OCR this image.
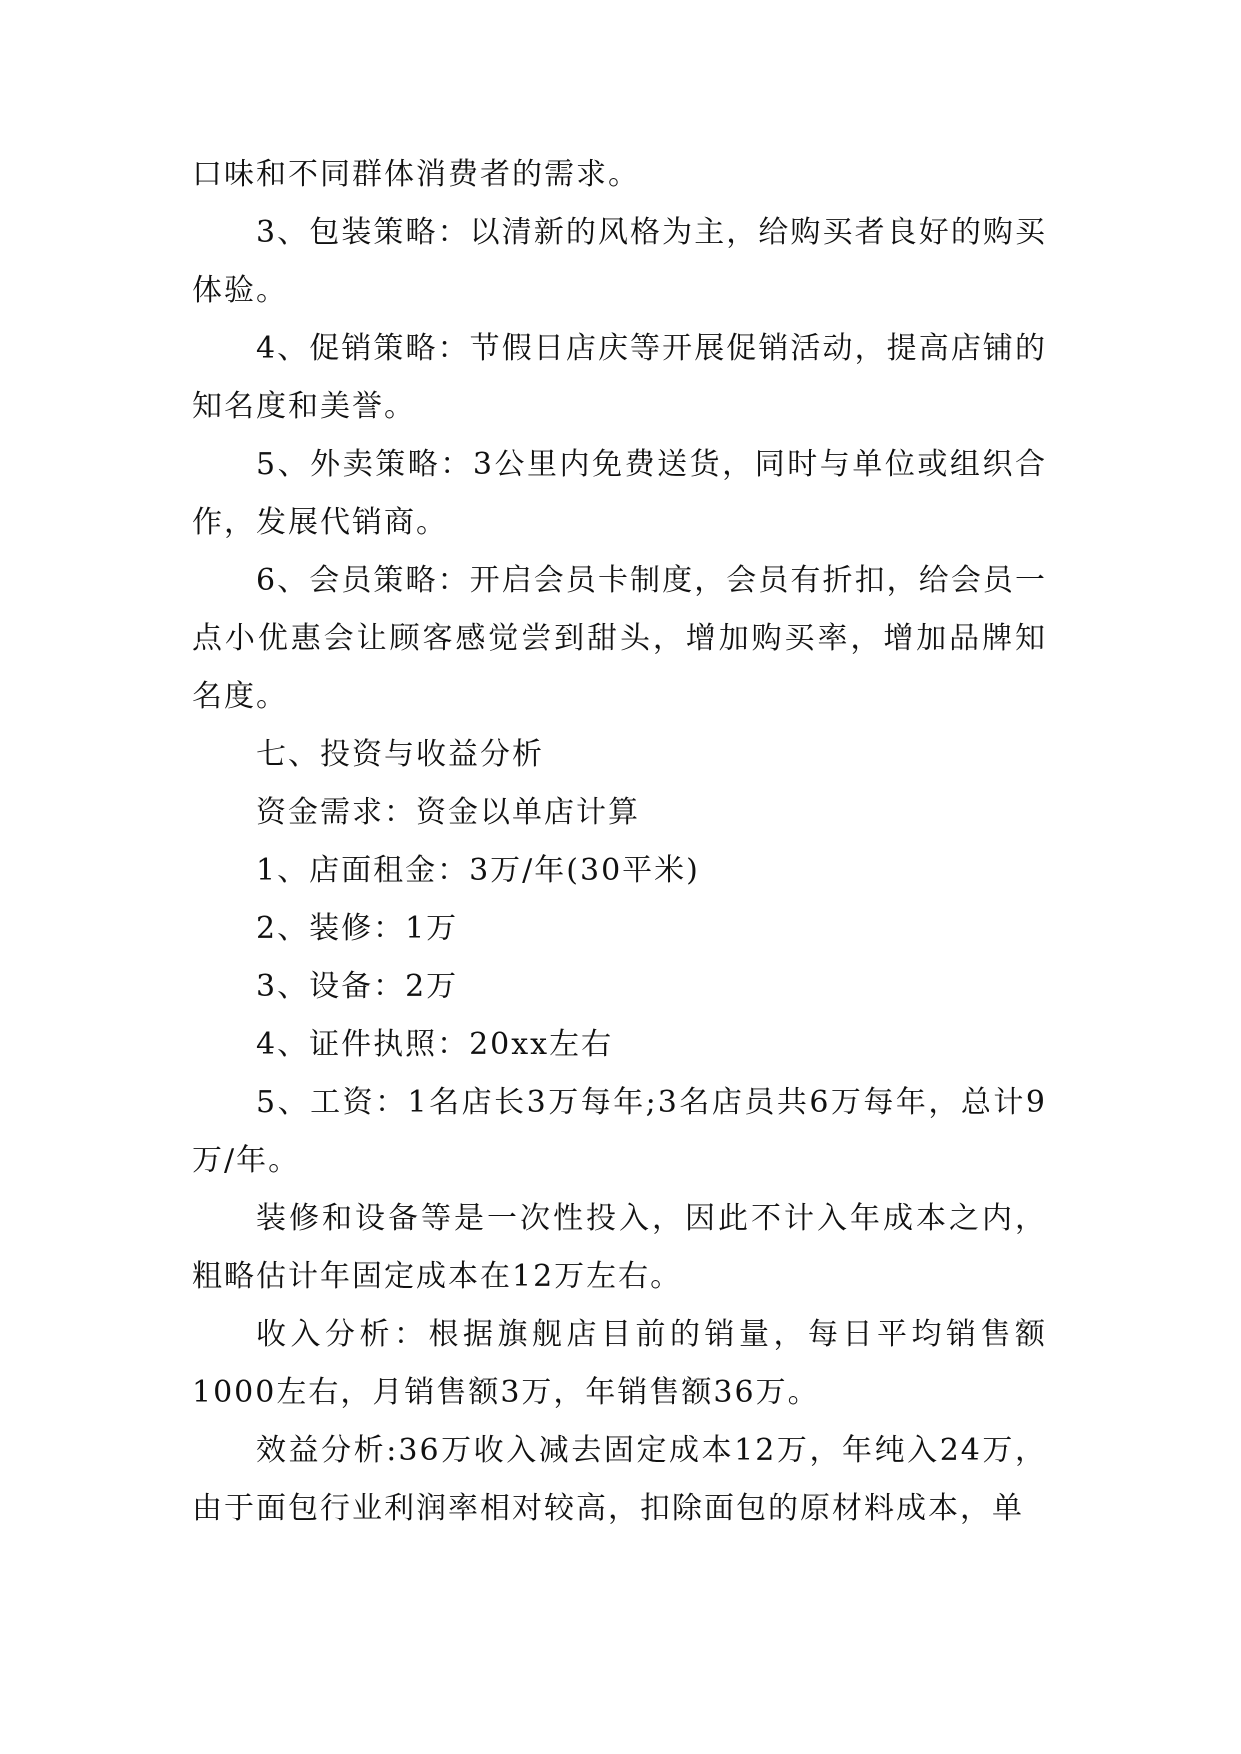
口味和不同群体消费者的需求。

3、包装策略：以清新的风格为主，给购买者良好的购买体验。

4、促销策略：节假日店庆等开展促销活动，提高店铺的知名度和美誉。

5、外卖策略：3公里内免费送货，同时与单位或组织合作，发展代销商。

6、会员策略：开启会员卡制度，会员有折扣，给会员一点小优惠会让顾客感觉尝到甜头，增加购买率，增加品牌知名度。

七、投资与收益分析

资金需求：资金以单店计算

1、店面租金：3万/年(30平米)

2、装修：1万

3、设备：2万

4、证件执照：20xx左右

5、工资：1名店长3万每年;3名店员共6万每年，总计9万/年。

装修和设备等是一次性投入，因此不计入年成本之内，粗略估计年固定成本在12万左右。

收入分析：根据旗舰店目前的销量，每日平均销售额1000左右，月销售额3万，年销售额36万。

效益分析:36万收入减去固定成本12万，年纯入24万，由于面包行业利润率相对较高，扣除面包的原材料成本，单
